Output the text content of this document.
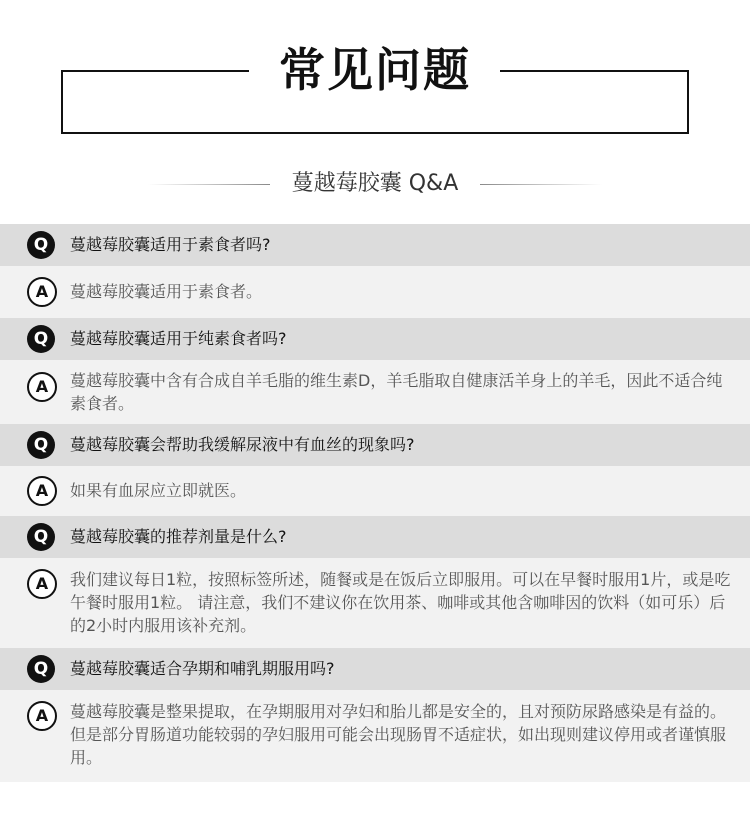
常见问题
蔓越莓胶囊 Q&A
Q	蔓越莓胶囊适用于素食者吗?
A	蔓越莓胶囊适用于素食者。
Q	蔓越莓胶囊适用于纯素食者吗?
A	蔓越莓胶囊中含有合成自羊毛脂的维生素D，羊毛脂取自健康活羊身上的羊毛，因此不适合纯素食者。
Q	蔓越莓胶囊会帮助我缓解尿液中有血丝的现象吗?
A	如果有血尿应立即就医。
Q	蔓越莓胶囊的推荐剂量是什么?
A	我们建议每日1粒，按照标签所述，随餐或是在饭后立即服用。可以在早餐时服用1片，或是吃午餐时服用1粒。 请注意，我们不建议你在饮用茶、咖啡或其他含咖啡因的饮料（如可乐）后的2小时内服用该补充剂。
Q	蔓越莓胶囊适合孕期和哺乳期服用吗?
A	蔓越莓胶囊是整果提取，在孕期服用对孕妇和胎儿都是安全的，且对预防尿路感染是有益的。但是部分胃肠道功能较弱的孕妇服用可能会出现肠胃不适症状，如出现则建议停用或者谨慎服用。
